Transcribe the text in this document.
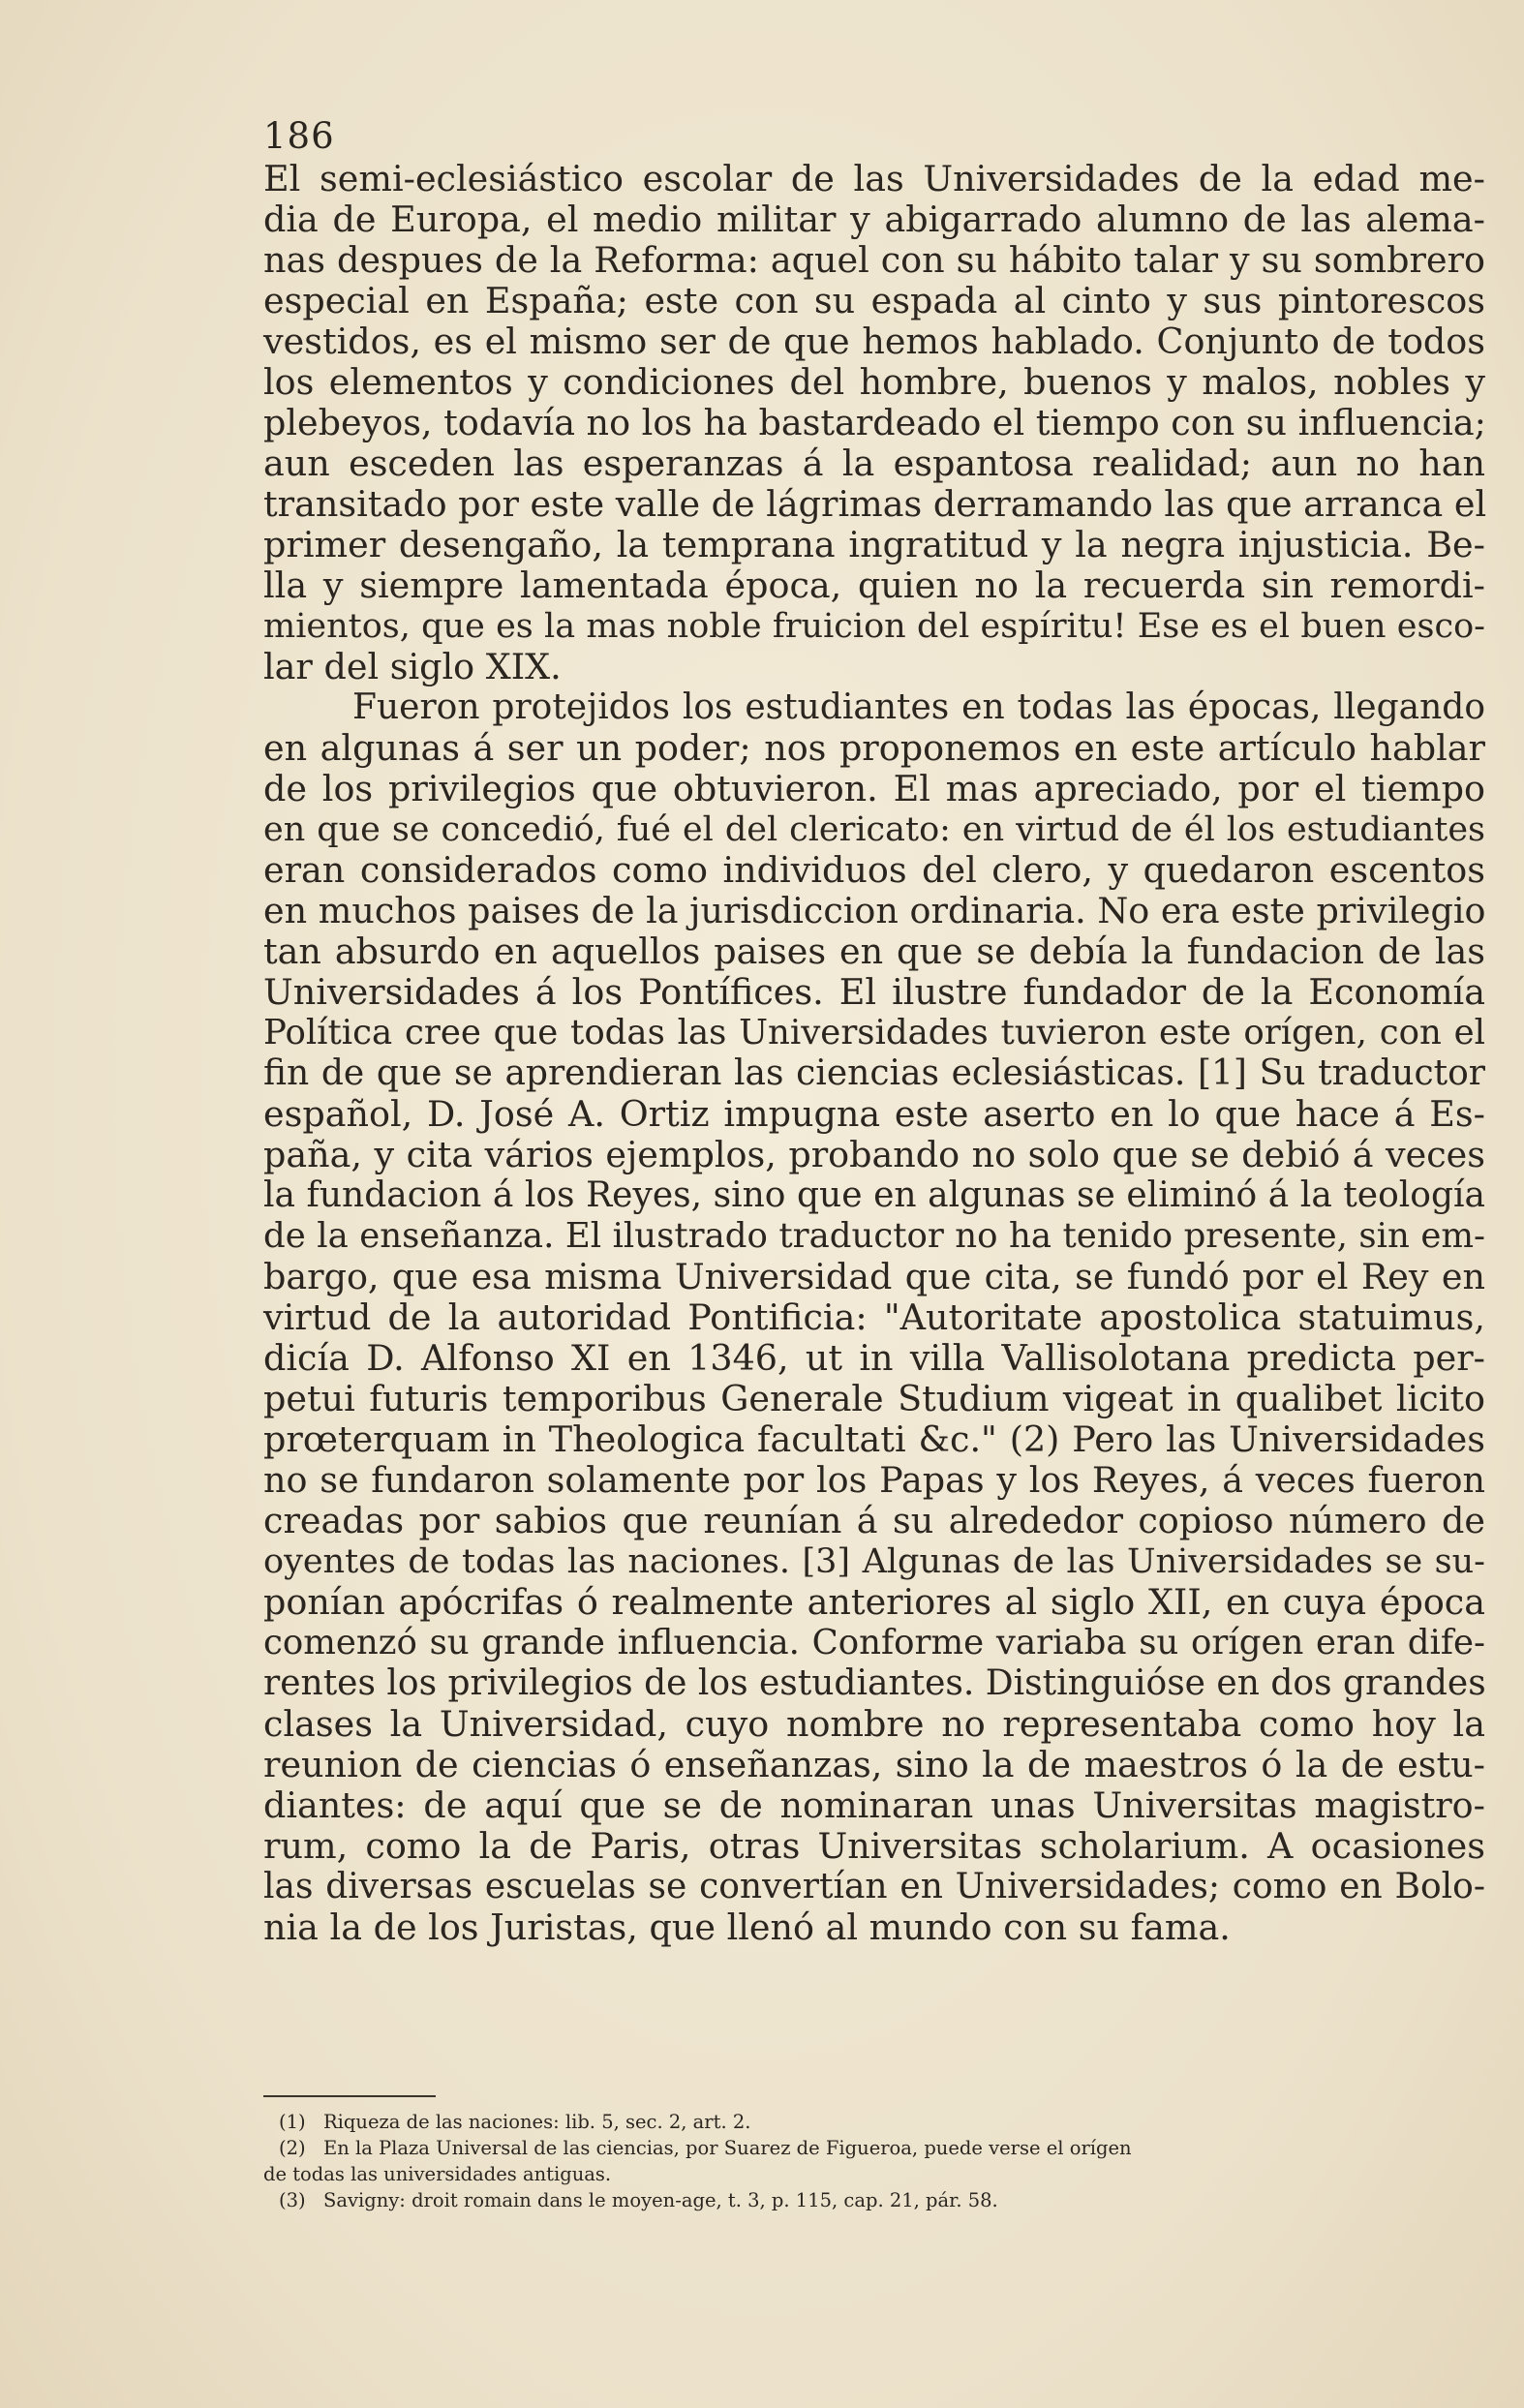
186
El semi-eclesiástico escolar de las Universidades de la edad me-
dia de Europa, el medio militar y abigarrado alumno de las alema-
nas despues de la Reforma: aquel con su hábito talar y su sombrero
especial en España; este con su espada al cinto y sus pintorescos
vestidos, es el mismo ser de que hemos hablado. Conjunto de todos
los elementos y condiciones del hombre, buenos y malos, nobles y
plebeyos, todavía no los ha bastardeado el tiempo con su influencia;
aun esceden las esperanzas á la espantosa realidad; aun no han
transitado por este valle de lágrimas derramando las que arranca el
primer desengaño, la temprana ingratitud y la negra injusticia. Be-
lla y siempre lamentada época, quien no la recuerda sin remordi-
mientos, que es la mas noble fruicion del espíritu! Ese es el buen esco-
lar del siglo XIX.
Fueron protejidos los estudiantes en todas las épocas, llegando
en algunas á ser un poder; nos proponemos en este artículo hablar
de los privilegios que obtuvieron. El mas apreciado, por el tiempo
en que se concedió, fué el del clericato: en virtud de él los estudiantes
eran considerados como individuos del clero, y quedaron escentos
en muchos paises de la jurisdiccion ordinaria. No era este privilegio
tan absurdo en aquellos paises en que se debía la fundacion de las
Universidades á los Pontífices. El ilustre fundador de la Economía
Política cree que todas las Universidades tuvieron este orígen, con el
fin de que se aprendieran las ciencias eclesiásticas. [1] Su traductor
español, D. José A. Ortiz impugna este aserto en lo que hace á Es-
paña, y cita vários ejemplos, probando no solo que se debió á veces
la fundacion á los Reyes, sino que en algunas se eliminó á la teología
de la enseñanza. El ilustrado traductor no ha tenido presente, sin em-
bargo, que esa misma Universidad que cita, se fundó por el Rey en
virtud de la autoridad Pontificia: "Autoritate apostolica statuimus,
dicía D. Alfonso XI en 1346, ut in villa Vallisolotana predicta per-
petui futuris temporibus Generale Studium vigeat in qualibet licito
prœterquam in Theologica facultati &c." (2) Pero las Universidades
no se fundaron solamente por los Papas y los Reyes, á veces fueron
creadas por sabios que reunían á su alrededor copioso número de
oyentes de todas las naciones. [3] Algunas de las Universidades se su-
ponían apócrifas ó realmente anteriores al siglo XII, en cuya época
comenzó su grande influencia. Conforme variaba su orígen eran dife-
rentes los privilegios de los estudiantes. Distinguióse en dos grandes
clases la Universidad, cuyo nombre no representaba como hoy la
reunion de ciencias ó enseñanzas, sino la de maestros ó la de estu-
diantes: de aquí que se de nominaran unas Universitas magistro-
rum, como la de Paris, otras Universitas scholarium. A ocasiones
las diversas escuelas se convertían en Universidades; como en Bolo-
nia la de los Juristas, que llenó al mundo con su fama.
(1) Riqueza de las naciones: lib. 5, sec. 2, art. 2.
(2) En la Plaza Universal de las ciencias, por Suarez de Figueroa, puede verse el orígen
de todas las universidades antiguas.
(3) Savigny: droit romain dans le moyen-age, t. 3, p. 115, cap. 21, pár. 58.
